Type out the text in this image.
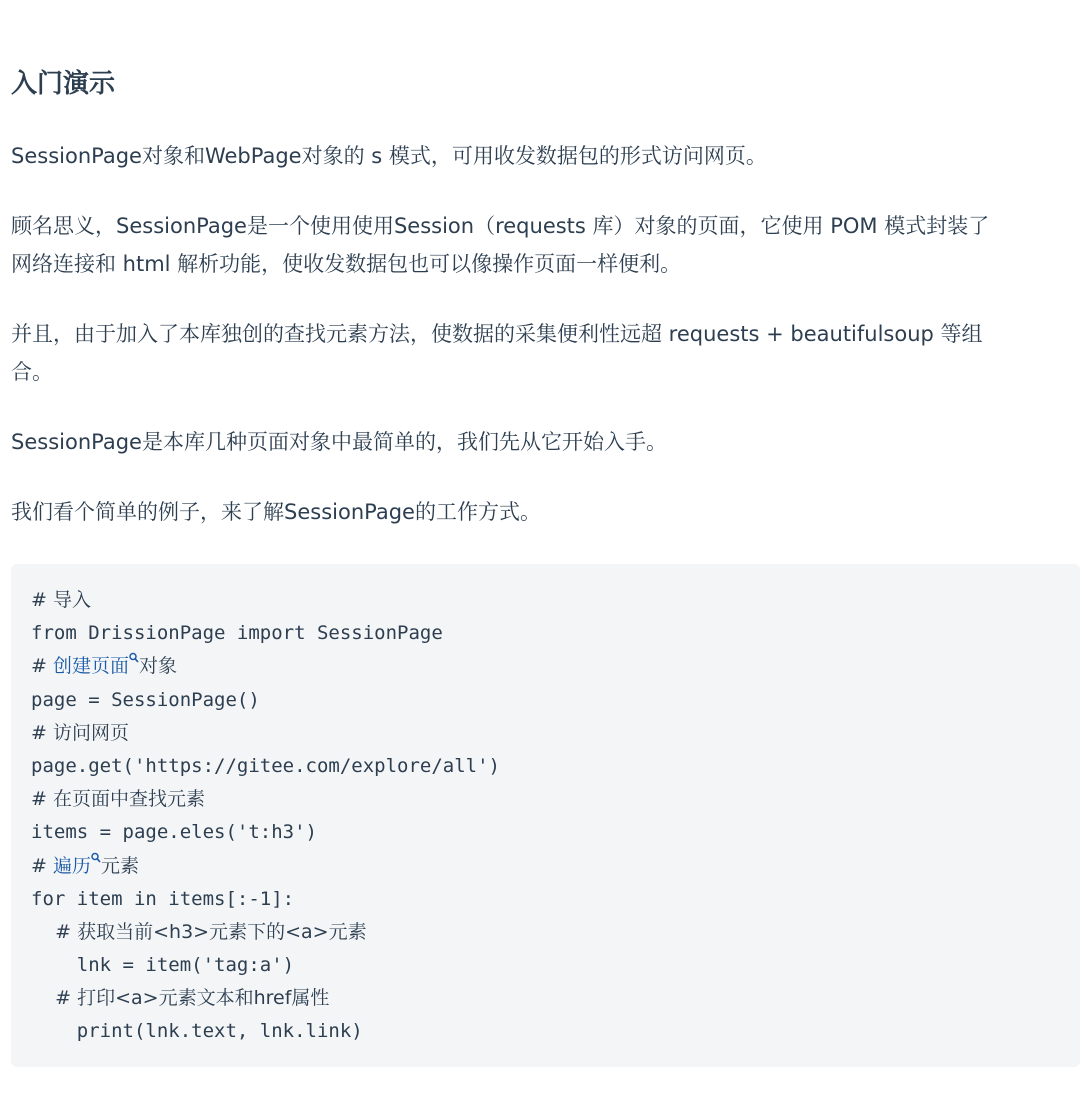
入门演示

SessionPage对象和WebPage对象的 s 模式，可用收发数据包的形式访问网页。

顾名思义，SessionPage是一个使用使用Session（requests 库）对象的页面，它使用 POM 模式封装了

网络连接和 html 解析功能，使收发数据包也可以像操作页面一样便利。

并且，由于加入了本库独创的查找元素方法，使数据的采集便利性远超 requests + beautifulsoup 等组

合。

SessionPage是本库几种页面对象中最简单的，我们先从它开始入手。

我们看个简单的例子，来了解SessionPage的工作方式。

# 导入
from DrissionPage import SessionPage
# 创建页面 对象
page = SessionPage()
# 访问网页
page.get('https://gitee.com/explore/all')
# 在页面中查找元素
items = page.eles('t:h3')
# 遍历 元素
for item in items[:-1]:
# 获取当前<h3>元素下的<a>元素
lnk = item('tag:a')
# 打印<a>元素文本和href属性
print(lnk.text, lnk.link)
